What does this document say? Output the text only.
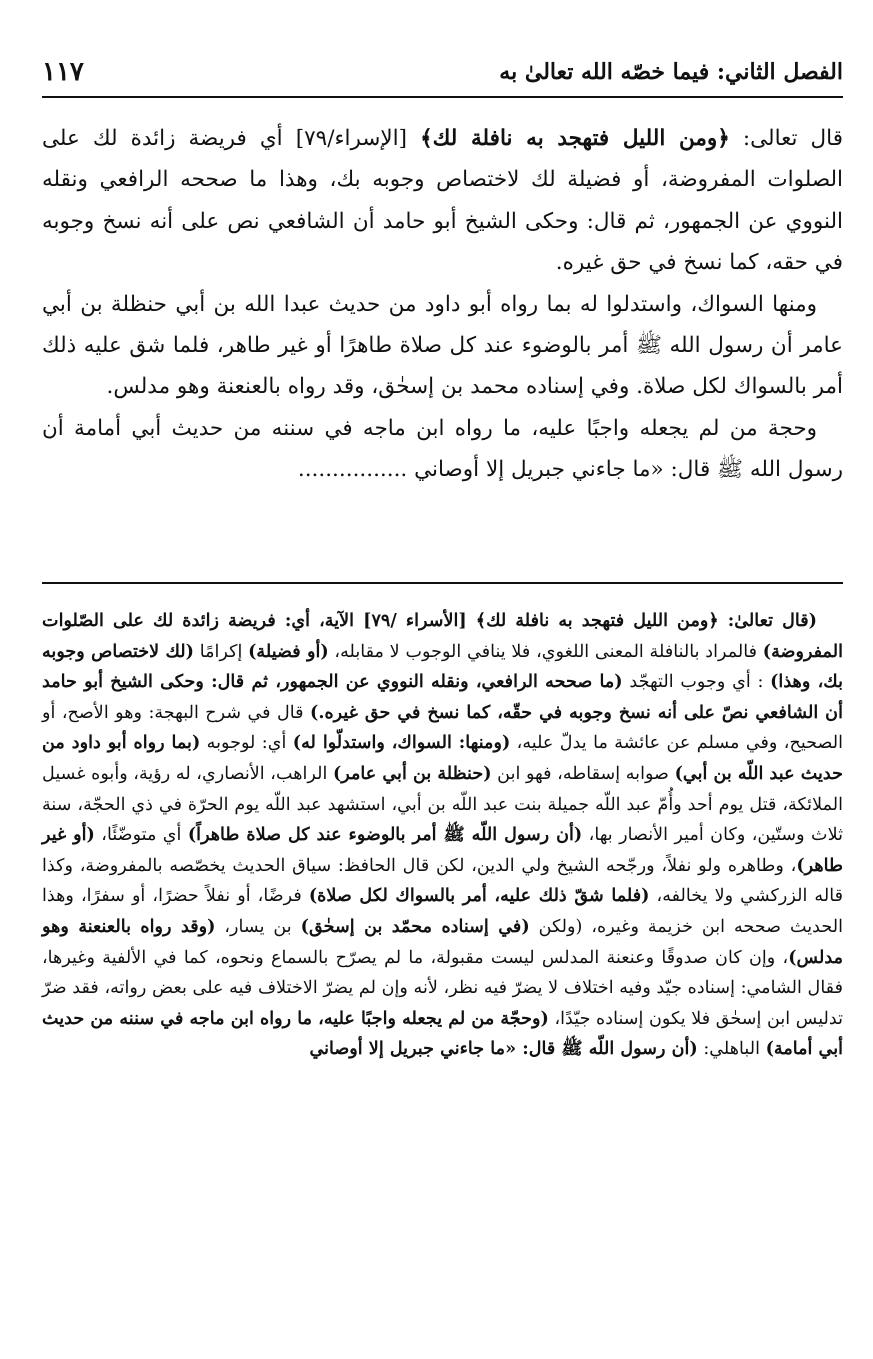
الفصل الثاني: فيما خصّه الله تعالىٰ به
١١٧

قال تعالى: ﴿ومن الليل فتهجد به نافلة لك﴾ [الإسراء/٧٩] أي فريضة زائدة لك على الصلوات المفروضة، أو فضيلة لك لاختصاص وجوبه بك، وهذا ما صححه الرافعي ونقله النووي عن الجمهور، ثم قال: وحكى الشيخ أبو حامد أن الشافعي نص على أنه نسخ وجوبه في حقه، كما نسخ في حق غيره.

ومنها السواك، واستدلوا له بما رواه أبو داود من حديث عبدا الله بن أبي حنظلة بن أبي عامر أن رسول الله ﷺ أمر بالوضوء عند كل صلاة طاهرًا أو غير طاهر، فلما شق عليه ذلك أمر بالسواك لكل صلاة. وفي إسناده محمد بن إسحٰق، وقد رواه بالعنعنة وهو مدلس.

وحجة من لم يجعله واجبًا عليه، ما رواه ابن ماجه في سننه من حديث أبي أمامة أن رسول الله ﷺ قال: «ما جاءني جبريل إلا أوصاني ................

(قال تعالىٰ: ﴿ومن الليل فتهجد به نافلة لك﴾ [الأسراء /٧٩] الآية، أي: فريضة زائدة لك على الصّلوات المفروضة) فالمراد بالنافلة المعنى اللغوي، فلا ينافي الوجوب لا مقابله، (أو فضيلة) إكرامًا (لك لاختصاص وجوبه بك، وهذا) : أي وجوب التهجّد (ما صححه الرافعي، ونقله النووي عن الجمهور، ثم قال: وحكى الشيخ أبو حامد أن الشافعي نصّ على أنه نسخ وجوبه في حقّه، كما نسخ في حق غيره.) قال في شرح البهجة: وهو الأصح، أو الصحيح، وفي مسلم عن عائشة ما يدلّ عليه، (ومنها: السواك، واستدلّوا له) أي: لوجوبه (بما رواه أبو داود من حديث عبد اللّه بن أبي) صوابه إسقاطه، فهو ابن (حنظلة بن أبي عامر) الراهب، الأنصاري، له رؤية، وأبوه غسيل الملائكة، قتل يوم أحد وأُمّ عبد اللّه جميلة بنت عبد اللّه بن أبي، استشهد عبد اللّه يوم الحرّة في ذي الحجّة، سنة ثلاث وستّين، وكان أمير الأنصار بها، (أن رسول اللّه ﷺ أمر بالوضوء عند كل صلاة طاهراً) أي متوضّئًا، (أو غير طاهر)، وطاهره ولو نفلاً، ورجّحه الشيخ ولي الدين، لكن قال الحافظ: سياق الحديث يخصّصه بالمفروضة، وكذا قاله الزركشي ولا يخالفه، (فلما شقّ ذلك عليه، أمر بالسواك لكل صلاة) فرضًا، أو نفلاً حضرًا، أو سفرًا، وهذا الحديث صححه ابن خزيمة وغيره، (ولكن (في إسناده محمّد بن إسحٰق) بن يسار، (وقد رواه بالعنعنة وهو مدلس)، وإن كان صدوقًا وعنعنة المدلس ليست مقبولة، ما لم يصرّح بالسماع ونحوه، كما في الألفية وغيرها، فقال الشامي: إسناده جيّد وفيه اختلاف لا يضرّ فيه نظر، لأنه وإن لم يضرّ الاختلاف فيه على بعض رواته، فقد ضرّ تدليس ابن إسحٰق فلا يكون إسناده جيّدًا، (وحجّة من لم يجعله واجبًا عليه، ما رواه ابن ماجه في سننه من حديث أبي أمامة) الباهلي: (أن رسول اللّه ﷺ قال: «ما جاءني جبريل إلا أوصاني
